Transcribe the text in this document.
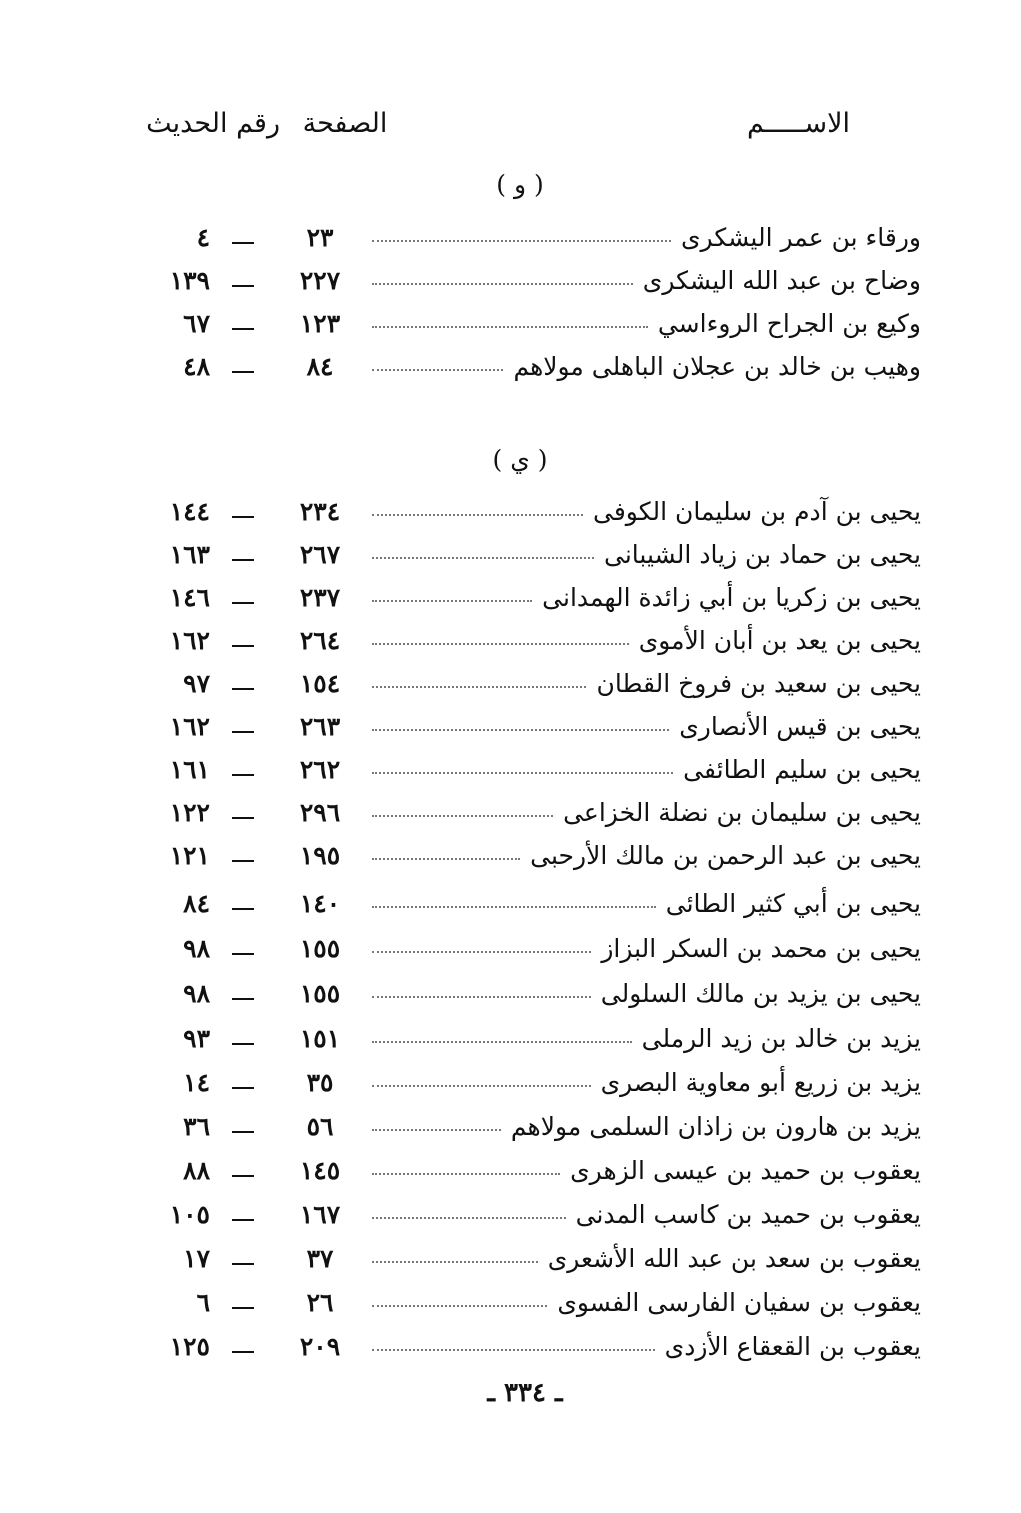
الاســـــم
الصفحة
رقم الحديث
( و )
ورقاء بن عمر اليشكرى
٢٣
٤
وضاح بن عبد الله اليشكرى
٢٢٧
١٣٩
وكيع بن الجراح الروءاسي
١٢٣
٦٧
وهيب بن خالد بن عجلان الباهلى مولاهم
٨٤
٤٨
( ي )
يحيى بن آدم بن سليمان الكوفى
٢٣٤
١٤٤
يحيى بن حماد بن زياد الشيبانى
٢٦٧
١٦٣
يحيى بن زكريا بن أبي زائدة الهمدانى
٢٣٧
١٤٦
يحيى بن يعد بن أبان الأموى
٢٦٤
١٦٢
يحيى بن سعيد بن فروخ القطان
١٥٤
٩٧
يحيى بن قيس الأنصارى
٢٦٣
١٦٢
يحيى بن سليم الطائفى
٢٦٢
١٦١
يحيى بن سليمان بن نضلة الخزاعى
٢٩٦
١٢٢
يحيى بن عبد الرحمن بن مالك الأرحبى
١٩٥
١٢١
يحيى بن أبي كثير الطائى
١٤٠
٨٤
يحيى بن محمد بن السكر البزاز
١٥٥
٩٨
يحيى بن يزيد بن مالك السلولى
١٥٥
٩٨
يزيد بن خالد بن زيد الرملى
١٥١
٩٣
يزيد بن زريع أبو معاوية البصرى
٣٥
١٤
يزيد بن هارون بن زاذان السلمى مولاهم
٥٦
٣٦
يعقوب بن حميد بن عيسى الزهرى
١٤٥
٨٨
يعقوب بن حميد بن كاسب المدنى
١٦٧
١٠٥
يعقوب بن سعد بن عبد الله الأشعرى
٣٧
١٧
يعقوب بن سفيان الفارسى الفسوى
٢٦
٦
يعقوب بن القعقاع الأزدى
٢٠٩
١٢٥
ـ ٣٣٤ ـ
